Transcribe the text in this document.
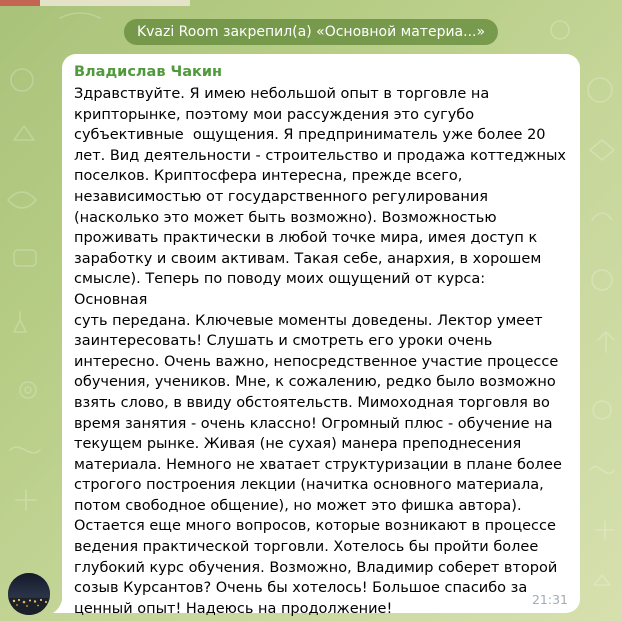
Kvazi Room закрепил(а) «Основной материа...»
Владислав Чакин
Здравствуйте. Я имею небольшой опыт в торговле на
крипторынке, поэтому мои рассуждения это сугубо
субъективные  ощущения. Я предприниматель уже более 20
лет. Вид деятельности - строительство и продажа коттеджных
поселков. Криптосфера интересна, прежде всего,
независимостью от государственного регулирования
(насколько это может быть возможно). Возможностью
проживать практически в любой точке мира, имея доступ к
заработку и своим активам. Такая себе, анархия, в хорошем
смысле). Теперь по поводу моих ощущений от курса:    Основная
суть передана. Ключевые моменты доведены. Лектор умеет
заинтересовать! Слушать и смотреть его уроки очень
интересно. Очень важно, непосредственное участие процессе
обучения, учеников. Мне, к сожалению, редко было возможно
взять слово, в ввиду обстоятельств. Мимоходная торговля во
время занятия - очень классно! Огромный плюс - обучение на
текущем рынке. Живая (не сухая) манера преподнесения
материала. Немного не хватает структуризации в плане более
строгого построения лекции (начитка основного материала,
потом свободное общение), но может это фишка автора).
Остается еще много вопросов, которые возникают в процессе
ведения практической торговли. Хотелось бы пройти более
глубокий курс обучения. Возможно, Владимир соберет второй
созыв Курсантов? Очень бы хотелось! Большое спасибо за
ценный опыт! Надеюсь на продолжение!
21:31
